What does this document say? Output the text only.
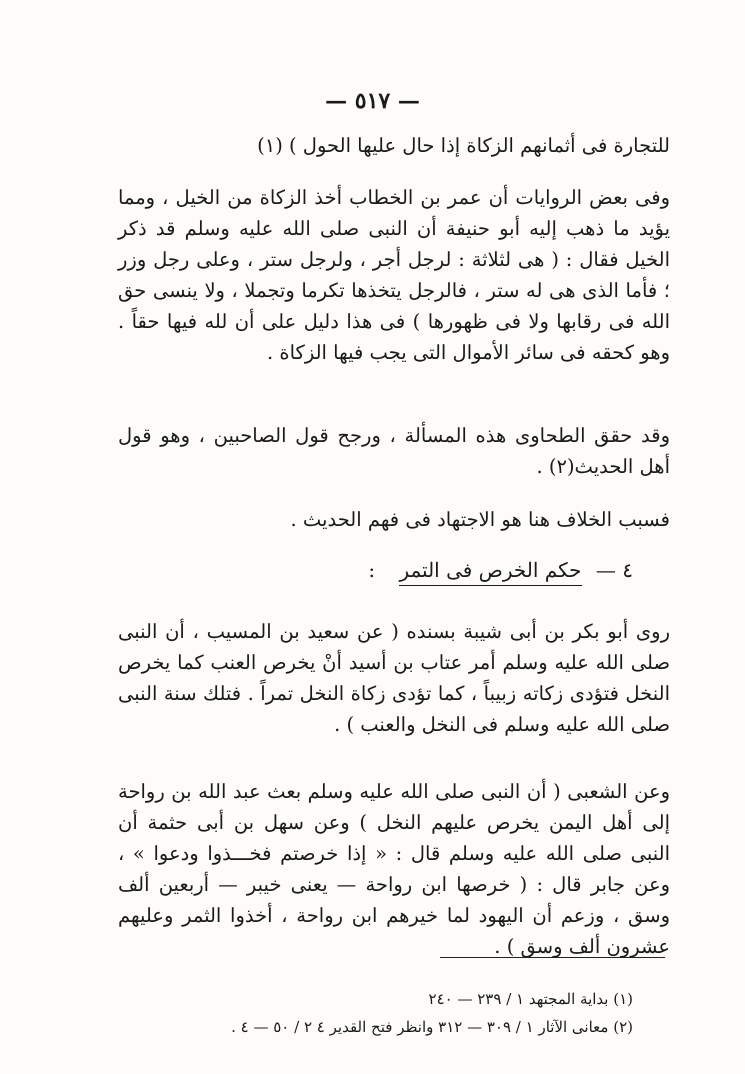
— ٥١٧ —

للتجارة فى أثمانهم الزكاة إذا حال عليها الحول ) (١)

وفى بعض الروايات أن عمر بن الخطاب أخذ الزكاة من الخيل ، ومما يؤيد ما ذهب إليه أبو حنيفة أن النبى صلى الله عليه وسلم قد ذكر الخيل فقال : ( هى لثلاثة : لرجل أجر ، ولرجل ستر ، وعلى رجل وزر ؛ فأما الذى هى له ستر ، فالرجل يتخذها تكرما وتجملا ، ولا ينسى حق الله فى رقابها ولا فى ظهورها ) فى هذا دليل على أن لله فيها حقاً . وهو كحقه فى سائر الأموال التى يجب فيها الزكاة .

وقد حقق الطحاوى هذه المسألة ، ورجح قول الصاحبين ، وهو قول أهل الحديث(٢) .

فسبب الخلاف هنا هو الاجتهاد فى فهم الحديث .

٤ — حكم الخرص فى التمر :

روى أبو بكر بن أبى شيبة بسنده ( عن سعيد بن المسيب ، أن النبى صلى الله عليه وسلم أمر عتاب بن أسيد أنْ يخرص العنب كما يخرص النخل فتؤدى زكاته زبيباً ، كما تؤدى زكاة النخل تمراً . فتلك سنة النبى صلى الله عليه وسلم فى النخل والعنب ) .

وعن الشعبى ( أن النبى صلى الله عليه وسلم بعث عبد الله بن رواحة إلى أهل اليمن يخرص عليهم النخل ) وعن سهل بن أبى حثمة أن النبى صلى الله عليه وسلم قال : « إذا خرصتم فخـــذوا ودعوا » ، وعن جابر قال : ( خرصها ابن رواحة — يعنى خيبر — أربعين ألف وسق ، وزعم أن اليهود لما خيرهم ابن رواحة ، أخذوا الثمر وعليهم عشرون ألف وسق ) .

(١) بداية المجتهد ١ / ٢٣٩ — ٢٤٠
(٢) معانى الآثار ١ / ٣٠٩ — ٣١٢ وانظر فتح القدير ٤ ٢ / ٥٠ — ٤ .
